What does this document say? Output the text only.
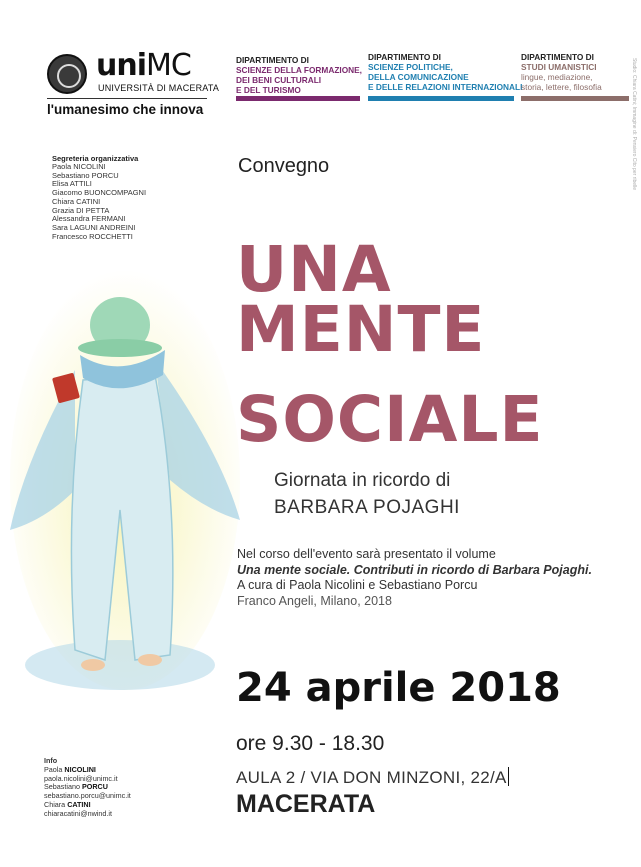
uniMC
UNIVERSITÀ DI MACERATA
l'umanesimo che innova
DIPARTIMENTO DI
SCIENZE DELLA FORMAZIONE,
DEI BENI CULTURALI
E DEL TURISMO
DIPARTIMENTO DI
SCIENZE POLITICHE,
DELLA COMUNICAZIONE
E DELLE RELAZIONI INTERNAZIONALI
DIPARTIMENTO DI
STUDI UMANISTICI
lingue, mediazione,
storia, lettere, filosofia	Studio: Chiara Catini; Immagine di: Pensiero Cito per ribelle
Segreteria organizzativa
Paola NICOLINI
Sebastiano PORCU
Elisa ATTILI
Giacomo BUONCOMPAGNI
Chiara CATINI
Grazia DI PETTA
Alessandra FERMANI
Sara LAGUNI ANDREINI
Francesco ROCCHETTI
Convegno
UNA
MENTE
SOCIALE
Giornata in ricordo di
BARBARA POJAGHI
Nel corso dell'evento sarà presentato il volume
Una mente sociale. Contributi in ricordo di Barbara Pojaghi.
A cura di Paola Nicolini e Sebastiano Porcu
Franco Angeli, Milano, 2018
24 aprile 2018
ore 9.30 - 18.30
AULA 2 / VIA DON MINZONI, 22/A
MACERATA
Info
Paola NICOLINI
paola.nicolini@unimc.it
Sebastiano PORCU
sebastiano.porcu@unimc.it
Chiara CATINI
chiaracatini@nwind.it
